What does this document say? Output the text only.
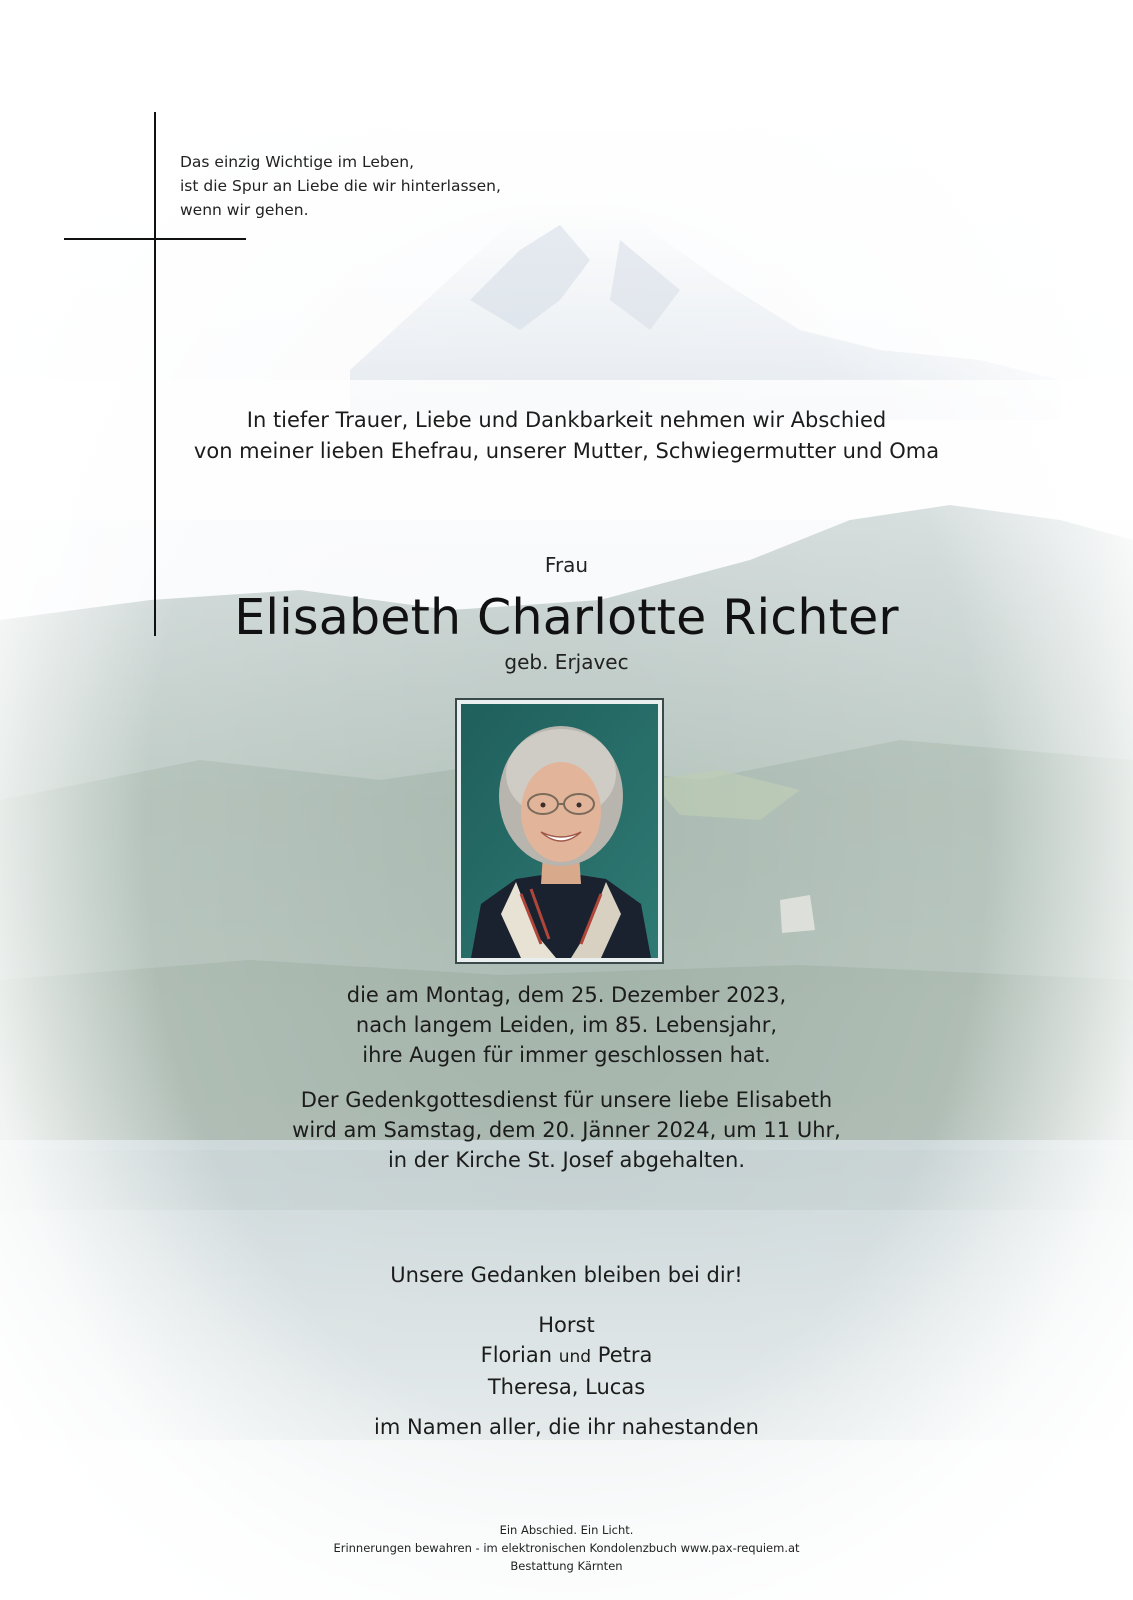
Das einzig Wichtige im Leben,
ist die Spur an Liebe die wir hinterlassen,
wenn wir gehen.
In tiefer Trauer, Liebe und Dankbarkeit nehmen wir Abschied
von meiner lieben Ehefrau, unserer Mutter, Schwiegermutter und Oma
Frau
Elisabeth Charlotte Richter
geb. Erjavec
die am Montag, dem 25. Dezember 2023,
nach langem Leiden, im 85. Lebensjahr,
ihre Augen für immer geschlossen hat.
Der Gedenkgottesdienst für unsere liebe Elisabeth
wird am Samstag, dem 20. Jänner 2024, um 11 Uhr,
in der Kirche St. Josef abgehalten.
Unsere Gedanken bleiben bei dir!
Horst
Florian und Petra
Theresa, Lucas
im Namen aller, die ihr nahestanden
Ein Abschied. Ein Licht.
Erinnerungen bewahren - im elektronischen Kondolenzbuch www.pax-requiem.at
Bestattung Kärnten
